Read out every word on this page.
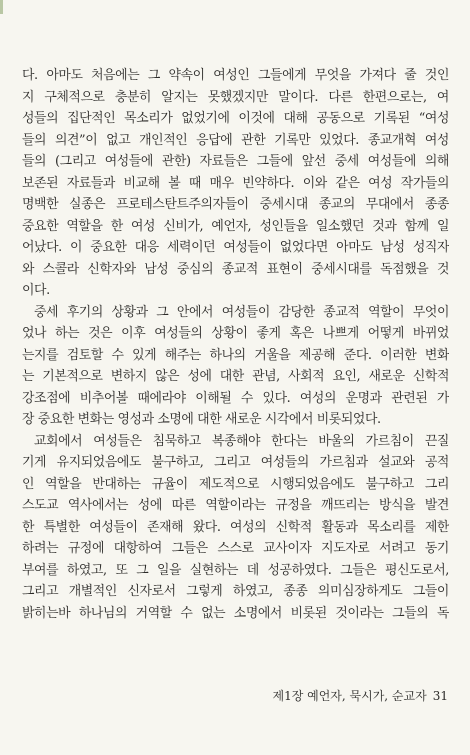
다. 아마도 처음에는 그 약속이 여성인 그들에게 무엇을 가져다 줄 것인
지 구체적으로 충분히 알지는 못했겠지만 말이다. 다른 한편으로는, 여
성들의 집단적인 목소리가 없었기에 이것에 대해 공동으로 기록된 “여성
들의 의견”이 없고 개인적인 응답에 관한 기록만 있었다. 종교개혁 여성
들의 (그리고 여성들에 관한) 자료들은 그들에 앞선 중세 여성들에 의해
보존된 자료들과 비교해 볼 때 매우 빈약하다. 이와 같은 여성 작가들의
명백한 실종은 프로테스탄트주의자들이 중세시대 종교의 무대에서 종종
중요한 역할을 한 여성 신비가, 예언자, 성인들을 일소했던 것과 함께 일
어났다. 이 중요한 대응 세력이던 여성들이 없었다면 아마도 남성 성직자
와 스콜라 신학자와 남성 중심의 종교적 표현이 중세시대를 독점했을 것
이다.
중세 후기의 상황과 그 안에서 여성들이 감당한 종교적 역할이 무엇이
었나 하는 것은 이후 여성들의 상황이 좋게 혹은 나쁘게 어떻게 바뀌었
는지를 검토할 수 있게 해주는 하나의 거울을 제공해 준다. 이러한 변화
는 기본적으로 변하지 않은 성에 대한 관념, 사회적 요인, 새로운 신학적
강조점에 비추어볼 때에라야 이해될 수 있다. 여성의 운명과 관련된 가
장 중요한 변화는 영성과 소명에 대한 새로운 시각에서 비롯되었다.
교회에서 여성들은 침묵하고 복종해야 한다는 바울의 가르침이 끈질
기게 유지되었음에도 불구하고, 그리고 여성들의 가르침과 설교와 공적
인 역할을 반대하는 규율이 제도적으로 시행되었음에도 불구하고 그리
스도교 역사에서는 성에 따른 역할이라는 규정을 깨뜨리는 방식을 발견
한 특별한 여성들이 존재해 왔다. 여성의 신학적 활동과 목소리를 제한
하려는 규정에 대항하여 그들은 스스로 교사이자 지도자로 서려고 동기
부여를 하였고, 또 그 일을 실현하는 데 성공하였다. 그들은 평신도로서,
그리고 개별적인 신자로서 그렇게 하였고, 종종 의미심장하게도 그들이
밝히는바 하나님의 거역할 수 없는 소명에서 비롯된 것이라는 그들의 독
제1장 예언자, 묵시가, 순교자 31
